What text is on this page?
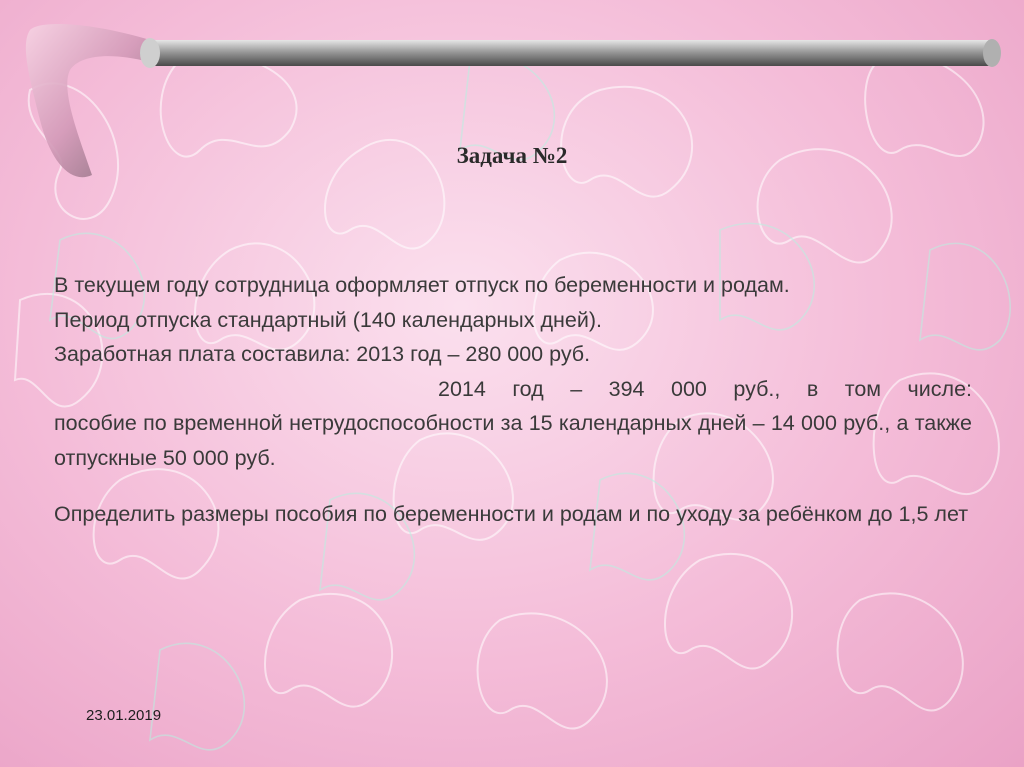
Задача №2

В текущем году сотрудница оформляет отпуск по беременности и родам.

Период отпуска стандартный (140 календарных дней).

Заработная плата составила: 2013 год – 280 000 руб.

2014 год – 394 000 руб., в том числе:

пособие по временной нетрудоспособности за 15 календарных дней – 14 000 руб., а также отпускные 50 000 руб.

Определить размеры пособия по беременности и родам и по уходу за ребёнком до 1,5 лет

23.01.2019
